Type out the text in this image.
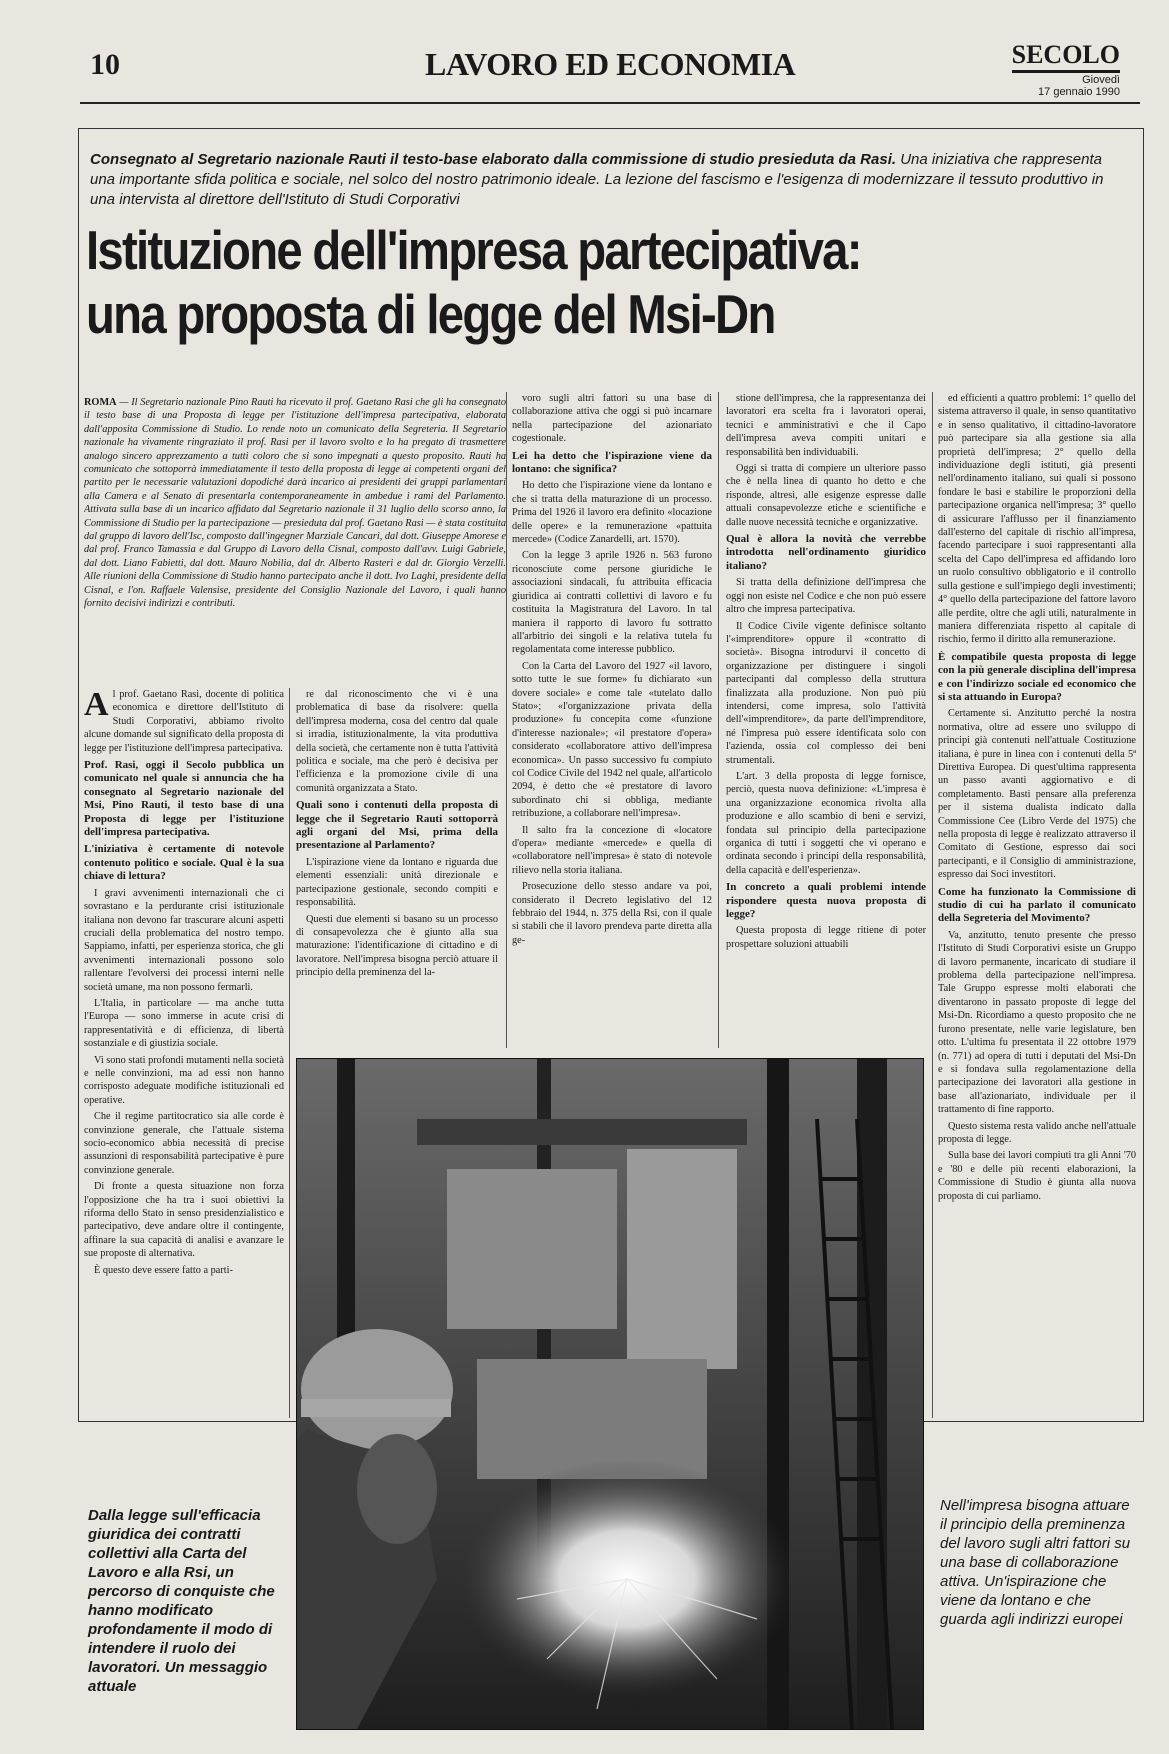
10	LAVORO ED ECONOMIA	SECOLO
Giovedì
17 gennaio 1990
Consegnato al Segretario nazionale Rauti il testo-base elaborato dalla commissione di studio presieduta da Rasi. Una iniziativa che rappresenta una importante sfida politica e sociale, nel solco del nostro patrimonio ideale. La lezione del fascismo e l'esigenza di modernizzare il tessuto produttivo in una intervista al direttore dell'Istituto di Studi Corporativi
Istituzione dell'impresa partecipativa:
una proposta di legge del Msi-Dn
ROMA — Il Segretario nazionale Pino Rauti ha ricevuto il prof. Gaetano Rasi che gli ha consegnato il testo base di una Proposta di legge per l'istituzione dell'impresa partecipativa, elaborata dall'apposita Commissione di Studio. Lo rende noto un comunicato della Segreteria. Il Segretario nazionale ha vivamente ringraziato il prof. Rasi per il lavoro svolto e lo ha pregato di trasmettere analogo sincero apprezzamento a tutti coloro che si sono impegnati a questo proposito. Rauti ha comunicato che sottoporrà immediatamente il testo della proposta di legge ai competenti organi del partito per le necessarie valutazioni dopodiché darà incarico ai presidenti dei gruppi parlamentari alla Camera e al Senato di presentarla contemporaneamente in ambedue i rami del Parlamento. Attivata sulla base di un incarico affidato dal Segretario nazionale il 31 luglio dello scorso anno, la Commissione di Studio per la partecipazione — presieduta dal prof. Gaetano Rasi — è stata costituita dal gruppo di lavoro dell'Isc, composto dall'ingegner Marziale Cancari, dal dott. Giuseppe Amorese e dal prof. Franco Tamassia e dal Gruppo di Lavoro della Cisnal, composto dall'avv. Luigi Gabriele, dal dott. Liano Fabietti, dal dott. Mauro Nobilia, dal dr. Alberto Rasteri e dal dr. Giorgio Verzelli. Alle riunioni della Commissione di Studio hanno partecipato anche il dott. Ivo Laghi, presidente della Cisnal, e l'on. Raffaele Valensise, presidente del Consiglio Nazionale del Lavoro, i quali hanno fornito decisivi indirizzi e contributi.

Al prof. Gaetano Rasi, docente di politica economica e direttore dell'Istituto di Studi Corporativi, abbiamo rivolto alcune domande sul significato della proposta di legge per l'istituzione dell'impresa partecipativa.

Prof. Rasi, oggi il Secolo pubblica un comunicato nel quale si annuncia che ha consegnato al Segretario nazionale del Msi, Pino Rauti, il testo base di una Proposta di legge per l'istituzione dell'impresa partecipativa.

L'iniziativa è certamente di notevole contenuto politico e sociale. Qual è la sua chiave di lettura?

I gravi avvenimenti internazionali che ci sovrastano e la perdurante crisi istituzionale italiana non devono far trascurare alcuni aspetti cruciali della problematica del nostro tempo. Sappiamo, infatti, per esperienza storica, che gli avvenimenti internazionali possono solo rallentare l'evolversi dei processi interni nelle società umane, ma non possono fermarli.

L'Italia, in particolare — ma anche tutta l'Europa — sono immerse in acute crisi di rappresentatività e di efficienza, di libertà sostanziale e di giustizia sociale.

Vi sono stati profondi mutamenti nella società e nelle convinzioni, ma ad essi non hanno corrisposto adeguate modifiche istituzionali ed operative.

Che il regime partitocratico sia alle corde è convinzione generale, che l'attuale sistema socio-economico abbia necessità di precise assunzioni di responsabilità partecipative è pure convinzione generale.

Di fronte a questa situazione non forza l'opposizione che ha tra i suoi obiettivi la riforma dello Stato in senso presidenzialistico e partecipativo, deve andare oltre il contingente, affinare la sua capacità di analisi e avanzare le sue proposte di alternativa.

È questo deve essere fatto a parti-

re dal riconoscimento che vi è una problematica di base da risolvere: quella dell'impresa moderna, cosa del centro dal quale si irradia, istituzionalmente, la vita produttiva della società, che certamente non è tutta l'attività politica e sociale, ma che però è decisiva per l'efficienza e la promozione civile di una comunità organizzata a Stato.

Quali sono i contenuti della proposta di legge che il Segretario Rauti sottoporrà agli organi del Msi, prima della presentazione al Parlamento?

L'ispirazione viene da lontano e riguarda due elementi essenziali: unità direzionale e partecipazione gestionale, secondo compiti e responsabilità.

Questi due elementi si basano su un processo di consapevolezza che è giunto alla sua maturazione: l'identificazione di cittadino e di lavoratore. Nell'impresa bisogna perciò attuare il principio della preminenza del la-

voro sugli altri fattori su una base di collaborazione attiva che oggi si può incarnare nella partecipazione del azionariato cogestionale.

Lei ha detto che l'ispirazione viene da lontano: che significa?

Ho detto che l'ispirazione viene da lontano e che si tratta della maturazione di un processo. Prima del 1926 il lavoro era definito «locazione delle opere» e la remunerazione «pattuita mercede» (Codice Zanardelli, art. 1570).

Con la legge 3 aprile 1926 n. 563 furono riconosciute come persone giuridiche le associazioni sindacali, fu attribuita efficacia giuridica ai contratti collettivi di lavoro e fu costituita la Magistratura del Lavoro. In tal maniera il rapporto di lavoro fu sottratto all'arbitrio dei singoli e la relativa tutela fu regolamentata come interesse pubblico.

Con la Carta del Lavoro del 1927 «il lavoro, sotto tutte le sue forme» fu dichiarato «un dovere sociale» e come tale «tutelato dallo Stato»; «l'organizzazione privata della produzione» fu concepita come «funzione d'interesse nazionale»; «il prestatore d'opera» considerato «collaboratore attivo dell'impresa economica». Un passo successivo fu compiuto col Codice Civile del 1942 nel quale, all'articolo 2094, è detto che «è prestatore di lavoro subordinato chi si obbliga, mediante retribuzione, a collaborare nell'impresa».

Il salto fra la concezione di «locatore d'opera» mediante «mercede» e quella di «collaboratore nell'impresa» è stato di notevole rilievo nella storia italiana.

Prosecuzione dello stesso andare va poi, considerato il Decreto legislativo del 12 febbraio del 1944, n. 375 della Rsi, con il quale si stabilì che il lavoro prendeva parte diretta alla ge-

stione dell'impresa, che la rappresentanza dei lavoratori era scelta fra i lavoratori operai, tecnici e amministrativi e che il Capo dell'impresa aveva compiti unitari e responsabilità ben individuabili.

Oggi si tratta di compiere un ulteriore passo che è nella linea di quanto ho detto e che risponde, altresì, alle esigenze espresse dalle attuali consapevolezze etiche e scientifiche e dalle nuove necessità tecniche e organizzative.

Qual è allora la novità che verrebbe introdotta nell'ordinamento giuridico italiano?

Si tratta della definizione dell'impresa che oggi non esiste nel Codice e che non può essere altro che impresa partecipativa.

Il Codice Civile vigente definisce soltanto l'«imprenditore» oppure il «contratto di società». Bisogna introdurvi il concetto di organizzazione per distinguere i singoli partecipanti dal complesso della struttura finalizzata alla produzione. Non può più intendersi, come impresa, solo l'attività dell'«imprenditore», da parte dell'imprenditore, né l'impresa può essere identificata solo con l'azienda, ossia col complesso dei beni strumentali.

L'art. 3 della proposta di legge fornisce, perciò, questa nuova definizione: «L'impresa è una organizzazione economica rivolta alla produzione e allo scambio di beni e servizi, fondata sul principio della partecipazione organica di tutti i soggetti che vi operano e ordinata secondo i principi della responsabilità, della capacità e dell'esperienza».

In concreto a quali problemi intende rispondere questa nuova proposta di legge?

Questa proposta di legge ritiene di poter prospettare soluzioni attuabili

ed efficienti a quattro problemi: 1° quello del sistema attraverso il quale, in senso quantitativo e in senso qualitativo, il cittadino-lavoratore può partecipare sia alla gestione sia alla proprietà dell'impresa; 2° quello della individuazione degli istituti, già presenti nell'ordinamento italiano, sui quali si possono fondare le basi e stabilire le proporzioni della partecipazione organica nell'impresa; 3° quello di assicurare l'afflusso per il finanziamento dall'esterno del capitale di rischio all'impresa, facendo partecipare i suoi rappresentanti alla scelta del Capo dell'impresa ed affidando loro un ruolo consultivo obbligatorio e il controllo sulla gestione e sull'impiego degli investimenti; 4° quello della partecipazione del fattore lavoro alle perdite, oltre che agli utili, naturalmente in maniera differenziata rispetto al capitale di rischio, fermo il diritto alla remunerazione.

È compatibile questa proposta di legge con la più generale disciplina dell'impresa e con l'indirizzo sociale ed economico che si sta attuando in Europa?

Certamente sì. Anzitutto perché la nostra normativa, oltre ad essere uno sviluppo di principi già contenuti nell'attuale Costituzione italiana, è pure in linea con i contenuti della 5ª Direttiva Europea. Di quest'ultima rappresenta un passo avanti aggiornativo e di completamento. Basti pensare alla preferenza per il sistema dualista indicato dalla Commissione Cee (Libro Verde del 1975) che nella proposta di legge è realizzato attraverso il Comitato di Gestione, espresso dai soci partecipanti, e il Consiglio di amministrazione, espresso dai Soci investitori.

Come ha funzionato la Commissione di studio di cui ha parlato il comunicato della Segreteria del Movimento?

Va, anzitutto, tenuto presente che presso l'Istituto di Studi Corporativi esiste un Gruppo di lavoro permanente, incaricato di studiare il problema della partecipazione nell'impresa. Tale Gruppo espresse molti elaborati che diventarono in passato proposte di legge del Msi-Dn. Ricordiamo a questo proposito che ne furono presentate, nelle varie legislature, ben otto. L'ultima fu presentata il 22 ottobre 1979 (n. 771) ad opera di tutti i deputati del Msi-Dn e si fondava sulla regolamentazione della partecipazione dei lavoratori alla gestione in base all'azionariato, individuale per il trattamento di fine rapporto.

Questo sistema resta valido anche nell'attuale proposta di legge.

Sulla base dei lavori compiuti tra gli Anni '70 e '80 e delle più recenti elaborazioni, la Commissione di Studio è giunta alla nuova proposta di cui parliamo.

Dalla legge sull'efficacia giuridica dei contratti collettivi alla Carta del Lavoro e alla Rsi, un percorso di conquiste che hanno modificato profondamente il modo di intendere il ruolo dei lavoratori. Un messaggio attuale
Nell'impresa bisogna attuare il principio della preminenza del lavoro sugli altri fattori su una base di collaborazione attiva. Un'ispirazione che viene da lontano e che guarda agli indirizzi europei
